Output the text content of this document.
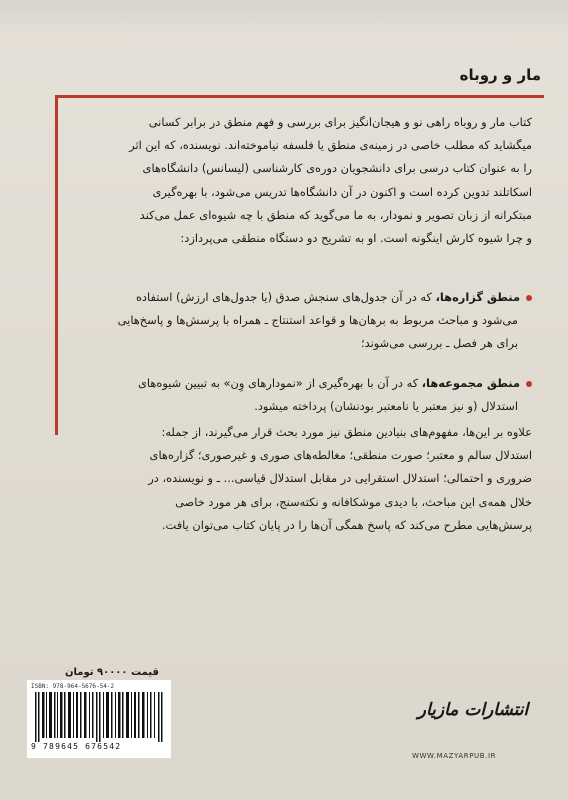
مار و روباه
کتاب مار و روباه راهی نو و هیجان‌انگیز برای بررسی و فهم منطق در برابر کسانی
میگشاید که مطلب خاصی در زمینه‌ی منطق یا فلسفه نیاموخته‌اند. نویسنده، که این اثر
را به عنوان کتاب درسی برای دانشجویان دوره‌ی کارشناسی (لیسانس) دانشگاه‌های
اسکاتلند تدوین کرده است و اکنون در آن دانشگاه‌ها تدریس می‌شود، با بهره‌گیری
مبتکرانه از زبان تصویر و نمودار، به ما می‌گوید که منطق با چه شیوه‌ای عمل می‌کند
و چرا شیوه کارش اینگونه است. او به تشریح دو دستگاه منطقی می‌پردازد:
منطق گزاره‌ها، که در آن جدول‌های سنجش صدق (یا جدول‌های ارزش) استفاده
می‌شود و مباحث مربوط به برهان‌ها و قواعد استنتاج ـ همراه با پرسش‌ها و پاسخ‌هایی
برای هر فصل ـ بررسی می‌شوند؛
منطق مجموعه‌ها، که در آن با بهره‌گیری از «نمودارهای وِن» به تبیین شیوه‌های
استدلال (و نیز معتبر یا نامعتبر بودنشان) پرداخته میشود.
علاوه بر این‌ها، مفهوم‌های بنیادین منطق نیز مورد بحث قرار می‌گیرند، از جمله:
استدلال سالم و معتبر؛ صورت منطقی؛ مغالطه‌های صوری و غیرصوری؛ گزاره‌های
ضروری و احتمالی؛ استدلال استقرایی در مقابل استدلال قیاسی... ـ و نویسنده، در
خلال همه‌ی این مباحث، با دیدی موشکافانه و نکته‌سنج، برای هر مورد خاصی
پرسش‌هایی مطرح می‌کند که پاسخ همگی آن‌ها را در پایان کتاب می‌توان یافت.
قیمت ۹۰۰۰۰ تومان
ISBN: 978-964-5676-54-2
9 789645 676542
انتشارات مازیار
WWW.MAZYARPUB.IR
